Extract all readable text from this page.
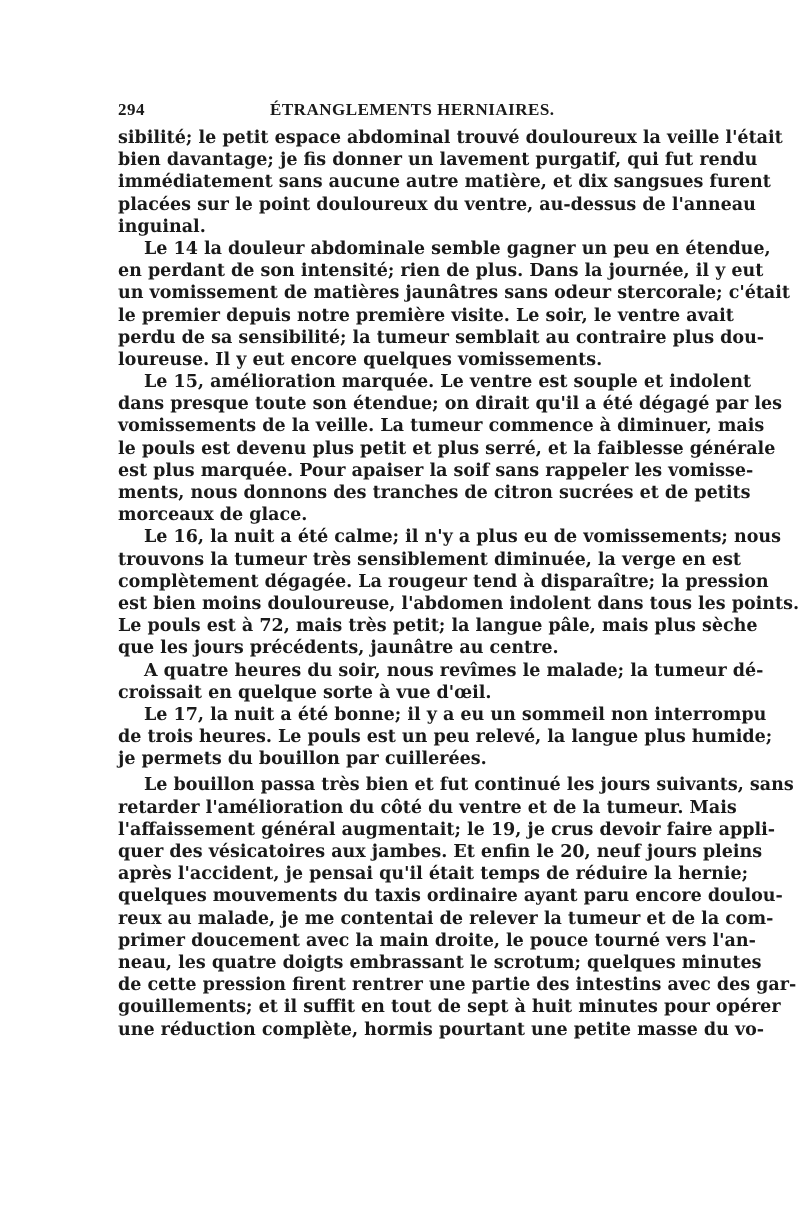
294	ÉTRANGLEMENTS HERNIAIRES.
sibilité; le petit espace abdominal trouvé douloureux la veille l'était
bien davantage; je fis donner un lavement purgatif, qui fut rendu
immédiatement sans aucune autre matière, et dix sangsues furent
placées sur le point douloureux du ventre, au-dessus de l'anneau
inguinal.
Le 14 la douleur abdominale semble gagner un peu en étendue,
en perdant de son intensité; rien de plus. Dans la journée, il y eut
un vomissement de matières jaunâtres sans odeur stercorale; c'était
le premier depuis notre première visite. Le soir, le ventre avait
perdu de sa sensibilité; la tumeur semblait au contraire plus dou-
loureuse. Il y eut encore quelques vomissements.
Le 15, amélioration marquée. Le ventre est souple et indolent
dans presque toute son étendue; on dirait qu'il a été dégagé par les
vomissements de la veille. La tumeur commence à diminuer, mais
le pouls est devenu plus petit et plus serré, et la faiblesse générale
est plus marquée. Pour apaiser la soif sans rappeler les vomisse-
ments, nous donnons des tranches de citron sucrées et de petits
morceaux de glace.
Le 16, la nuit a été calme; il n'y a plus eu de vomissements; nous
trouvons la tumeur très sensiblement diminuée, la verge en est
complètement dégagée. La rougeur tend à disparaître; la pression
est bien moins douloureuse, l'abdomen indolent dans tous les points.
Le pouls est à 72, mais très petit; la langue pâle, mais plus sèche
que les jours précédents, jaunâtre au centre.
A quatre heures du soir, nous revîmes le malade; la tumeur dé-
croissait en quelque sorte à vue d'œil.
Le 17, la nuit a été bonne; il y a eu un sommeil non interrompu
de trois heures. Le pouls est un peu relevé, la langue plus humide;
je permets du bouillon par cuillerées.
Le bouillon passa très bien et fut continué les jours suivants, sans
retarder l'amélioration du côté du ventre et de la tumeur. Mais
l'affaissement général augmentait; le 19, je crus devoir faire appli-
quer des vésicatoires aux jambes. Et enfin le 20, neuf jours pleins
après l'accident, je pensai qu'il était temps de réduire la hernie;
quelques mouvements du taxis ordinaire ayant paru encore doulou-
reux au malade, je me contentai de relever la tumeur et de la com-
primer doucement avec la main droite, le pouce tourné vers l'an-
neau, les quatre doigts embrassant le scrotum; quelques minutes
de cette pression firent rentrer une partie des intestins avec des gar-
gouillements; et il suffit en tout de sept à huit minutes pour opérer
une réduction complète, hormis pourtant une petite masse du vo-
